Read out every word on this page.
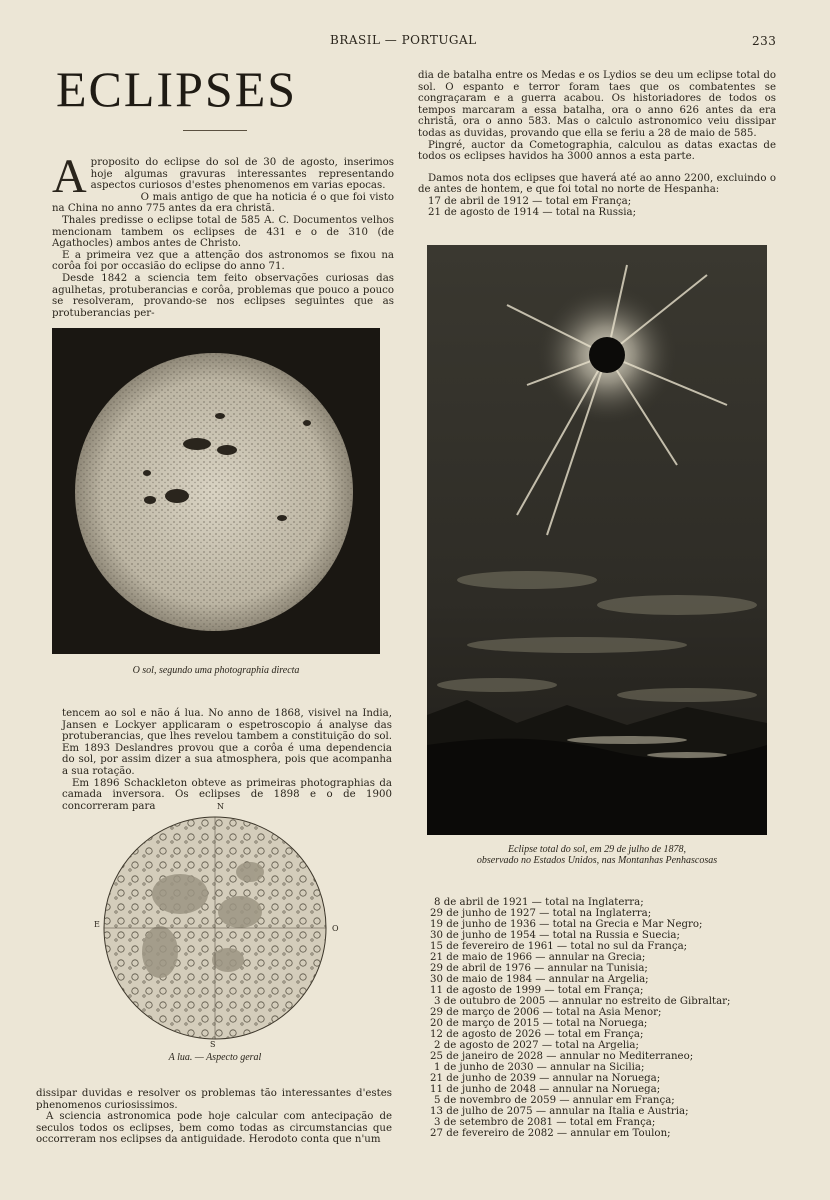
BRASIL — PORTUGAL	233
ECLIPSES

A proposito do eclipse do sol de 30 de agosto, inserimos hoje algumas gravuras interessantes representando aspectos curiosos d'estes phenomenos em varias epocas.

O mais antigo de que ha noticia é o que foi visto na China no anno 775 antes da era christã.

Thales predisse o eclipse total de 585 A. C. Documentos velhos mencionam tambem os eclipses de 431 e o de 310 (de Agathocles) ambos antes de Christo.

E a primeira vez que a attenção dos astronomos se fixou na corôa foi por occasião do eclipse do anno 71.

Desde 1842 a sciencia tem feito observações curiosas das agulhetas, protuberancias e corôa, problemas que pouco a pouco se resolveram, provando-se nos eclipses seguintes que as protuberancias per-

O sol, segundo uma photographia directa

tencem ao sol e não á lua. No anno de 1868, visivel na India, Jansen e Lockyer applicaram o espetroscopio á analyse das protuberancias, que lhes revelou tambem a constituição do sol. Em 1893 Deslandres provou que a corôa é uma dependencia do sol, por assim dizer a sua atmosphera, pois que acompanha a sua rotação.

Em 1896 Schackleton obteve as primeiras photographias da camada inversora. Os eclipses de 1898 e o de 1900 concorreram para	N
O
E
S
A lua. — Aspecto geral

dissipar duvidas e resolver os problemas tão interessantes d'estes phenomenos curiosissimos.

A sciencia astronomica pode hoje calcular com antecipação de seculos todos os eclipses, bem como todas as circumstancias que occorreram nos eclipses da antiguidade. Herodoto conta que n'um

dia de batalha entre os Medas e os Lydios se deu um eclipse total do sol. O espanto e terror foram taes que os combatentes se congraçaram e a guerra acabou. Os historiadores de todos os tempos marcaram a essa batalha, ora o anno 626 antes da era christã, ora o anno 583. Mas o calculo astronomico veiu dissipar todas as duvidas, provando que ella se feriu a 28 de maio de 585.

Pingré, auctor da Cometographia, calculou as datas exactas de todos os eclipses havidos ha 3000 annos a esta parte.

Damos nota dos eclipses que haverá até ao anno 2200, excluindo o de antes de hontem, e que foi total no norte de Hespanha:

17 de abril de 1912 — total em França;
21 de agosto de 1914 — total na Russia;
Eclipse total do sol, em 29 de julho de 1878,
observado no Estados Unidos, nas Montanhas Penhascosas
8 de abril de 1921 — total na Inglaterra;
29 de junho de 1927 — total na Inglaterra;
19 de junho de 1936 — total na Grecia e Mar Negro;
30 de junho de 1954 — total na Russia e Suecia;
15 de fevereiro de 1961 — total no sul da França;
21 de maio de 1966 — annular na Grecia;
29 de abril de 1976 — annular na Tunisia;
30 de maio de 1984 — annular na Argelia;
11 de agosto de 1999 — total em França;
3 de outubro de 2005 — annular no estreito de Gibraltar;
29 de março de 2006 — total na Asia Menor;
20 de março de 2015 — total na Noruega;
12 de agosto de 2026 — total em França;
2 de agosto de 2027 — total na Argelia;
25 de janeiro de 2028 — annular no Mediterraneo;
1 de junho de 2030 — annular na Sicilia;
21 de junho de 2039 — annular na Noruega;
11 de junho de 2048 — annular na Noruega;
5 de novembro de 2059 — annular em França;
13 de julho de 2075 — annular na Italia e Austria;
3 de setembro de 2081 — total em França;
27 de fevereiro de 2082 — annular em Toulon;
